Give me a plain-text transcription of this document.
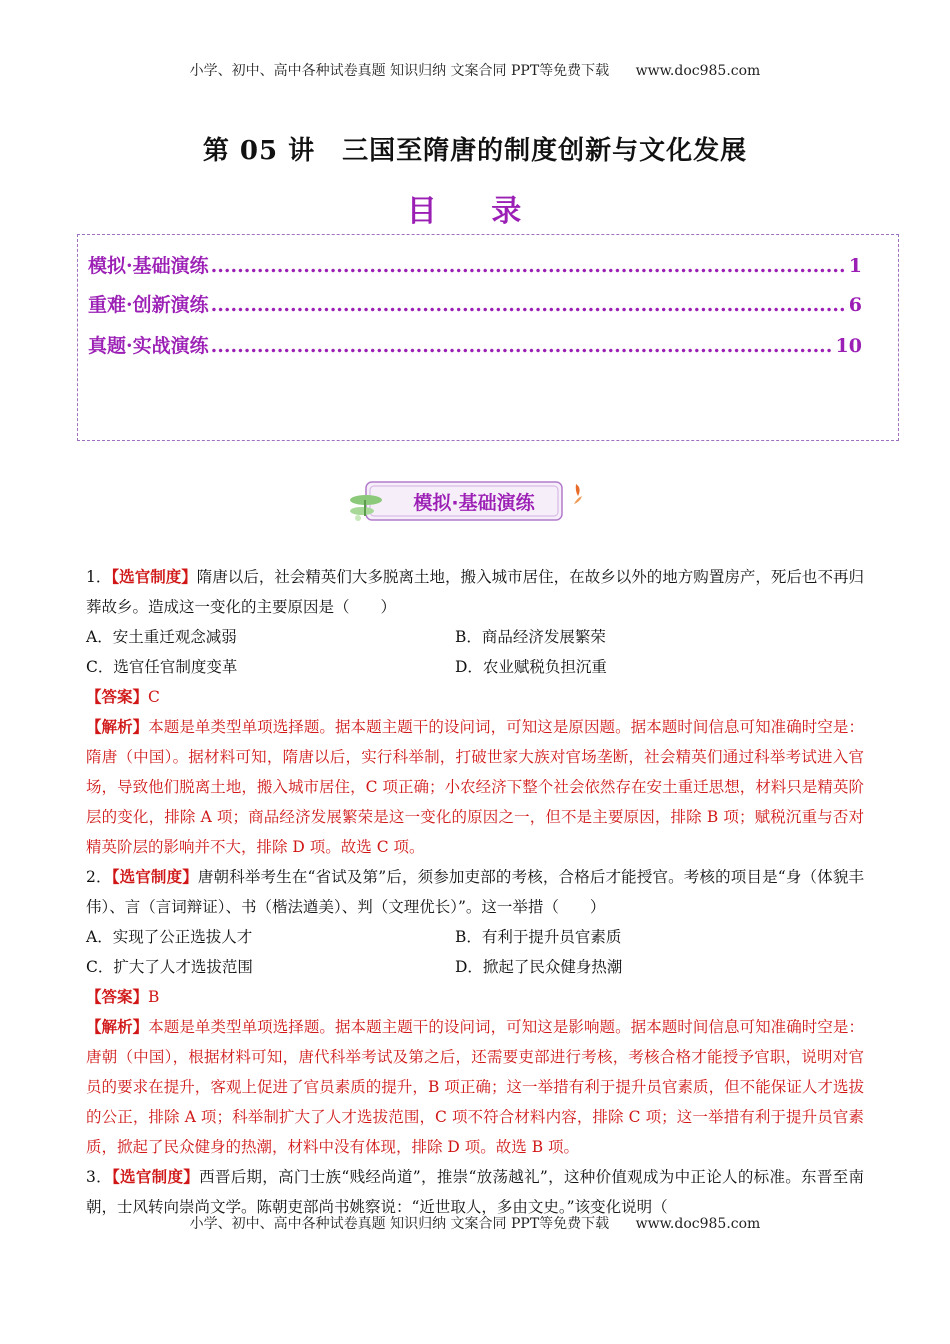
小学、初中、高中各种试卷真题 知识归纳 文案合同 PPT等免费下载 www.doc985.com
第 05 讲　三国至隋唐的制度创新与文化发展
目 录
模拟·基础演练 .....	1
重难·创新演练 .....	6
真题·实战演练 .....	10
模拟·基础演练

1．【选官制度】隋唐以后，社会精英们大多脱离土地，搬入城市居住，在故乡以外的地方购置房产，死后也不再归葬故乡。造成这一变化的主要原因是（　　）

A．安土重迁观念减弱	B．商品经济发展繁荣
C．选官任官制度变革	D．农业赋税负担沉重

【答案】C

【解析】本题是单类型单项选择题。据本题主题干的设问词，可知这是原因题。据本题时间信息可知准确时空是：隋唐（中国）。据材料可知，隋唐以后，实行科举制，打破世家大族对官场垄断，社会精英们通过科举考试进入官场，导致他们脱离土地，搬入城市居住，C 项正确；小农经济下整个社会依然存在安土重迁思想，材料只是精英阶层的变化，排除 A 项；商品经济发展繁荣是这一变化的原因之一，但不是主要原因，排除 B 项；赋税沉重与否对精英阶层的影响并不大，排除 D 项。故选 C 项。

2．【选官制度】唐朝科举考生在“省试及第”后，须参加吏部的考核，合格后才能授官。考核的项目是“身（体貌丰伟）、言（言词辩证）、书（楷法遒美）、判（文理优长）”。这一举措（　　）

A．实现了公正选拔人才	B．有利于提升员官素质
C．扩大了人才选拔范围	D．掀起了民众健身热潮

【答案】B

【解析】本题是单类型单项选择题。据本题主题干的设问词，可知这是影响题。据本题时间信息可知准确时空是：唐朝（中国），根据材料可知，唐代科举考试及第之后，还需要吏部进行考核，考核合格才能授予官职，说明对官员的要求在提升，客观上促进了官员素质的提升，B 项正确；这一举措有利于提升员官素质，但不能保证人才选拔的公正，排除 A 项；科举制扩大了人才选拔范围，C 项不符合材料内容，排除 C 项；这一举措有利于提升员官素质，掀起了民众健身的热潮，材料中没有体现，排除 D 项。故选 B 项。

3．【选官制度】西晋后期，高门士族“贱经尚道”，推崇“放荡越礼”，这种价值观成为中正论人的标准。东晋至南朝，士风转向崇尚文学。陈朝吏部尚书姚察说：“近世取人，多由文史。”该变化说明（

小学、初中、高中各种试卷真题 知识归纳 文案合同 PPT等免费下载 www.doc985.com
